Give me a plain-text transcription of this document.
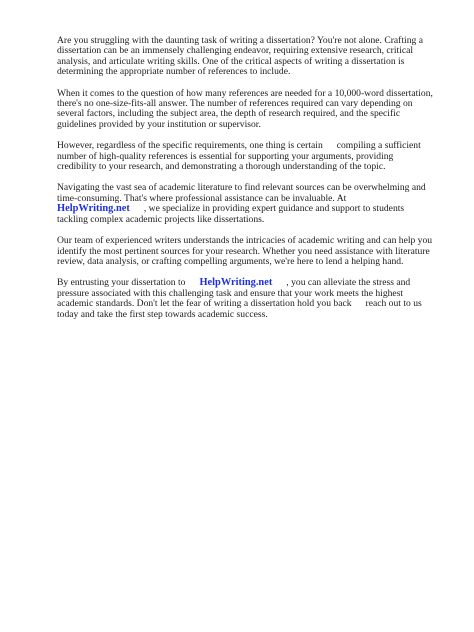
Are you struggling with the daunting task of writing a dissertation? You're not alone. Crafting a dissertation can be an immensely challenging endeavor, requiring extensive research, critical analysis, and articulate writing skills. One of the critical aspects of writing a dissertation is determining the appropriate number of references to include.

When it comes to the question of how many references are needed for a 10,000-word dissertation, there's no one-size-fits-all answer. The number of references required can vary depending on several factors, including the subject area, the depth of research required, and the specific guidelines provided by your institution or supervisor.

However, regardless of the specific requirements, one thing is certain compiling a sufficient number of high-quality references is essential for supporting your arguments, providing credibility to your research, and demonstrating a thorough understanding of the topic.

Navigating the vast sea of academic literature to find relevant sources can be overwhelming and time-consuming. That's where professional assistance can be invaluable. AtHelpWriting.net , we specialize in providing expert guidance and support to students tackling complex academic projects like dissertations.

Our team of experienced writers understands the intricacies of academic writing and can help you identify the most pertinent sources for your research. Whether you need assistance with literature review, data analysis, or crafting compelling arguments, we're here to lend a helping hand.

By entrusting your dissertation to HelpWriting.net , you can alleviate the stress and pressure associated with this challenging task and ensure that your work meets the highest academic standards. Don't let the fear of writing a dissertation hold you back reach out to us today and take the first step towards academic success.
